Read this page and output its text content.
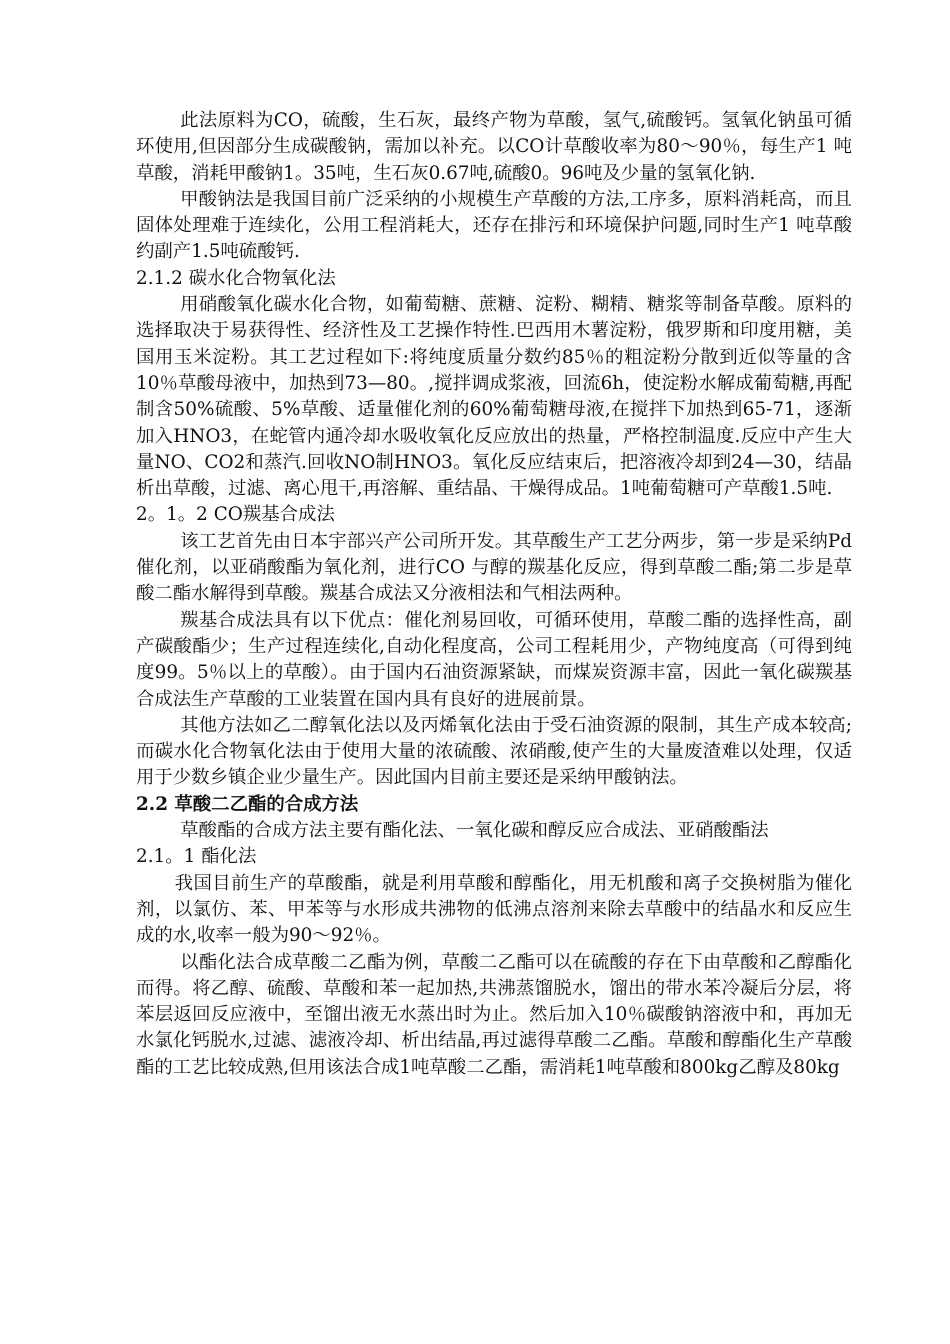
此法原料为CO，硫酸，生石灰，最终产物为草酸，氢气,硫酸钙。氢氧化钠虽可循环使用,但因部分生成碳酸钠，需加以补充。以CO计草酸收率为80～90％，每生产1 吨草酸，消耗甲酸钠1。35吨，生石灰0.67吨,硫酸0。96吨及少量的氢氧化钠.

甲酸钠法是我国目前广泛采纳的小规模生产草酸的方法,工序多，原料消耗高，而且固体处理难于连续化，公用工程消耗大，还存在排污和环境保护问题,同时生产1 吨草酸约副产1.5吨硫酸钙.

2.1.2 碳水化合物氧化法

用硝酸氧化碳水化合物，如葡萄糖、蔗糖、淀粉、糊精、糖浆等制备草酸。原料的选择取决于易获得性、经济性及工艺操作特性.巴西用木薯淀粉，俄罗斯和印度用糖，美国用玉米淀粉。其工艺过程如下:将纯度质量分数约85％的粗淀粉分散到近似等量的含10％草酸母液中，加热到73—80。,搅拌调成浆液，回流6h，使淀粉水解成葡萄糖,再配制含50%硫酸、5%草酸、适量催化剂的60%葡萄糖母液,在搅拌下加热到65-71，逐渐加入HNO3，在蛇管内通冷却水吸收氧化反应放出的热量，严格控制温度.反应中产生大量NO、CO2和蒸汽.回收NO制HNO3。氧化反应结束后，把溶液冷却到24—30，结晶析出草酸，过滤、离心甩干,再溶解、重结晶、干燥得成品。1吨葡萄糖可产草酸1.5吨.

2。1。2 CO羰基合成法

该工艺首先由日本宇部兴产公司所开发。其草酸生产工艺分两步，第一步是采纳Pd催化剂，以亚硝酸酯为氧化剂，进行CO 与醇的羰基化反应，得到草酸二酯;第二步是草酸二酯水解得到草酸。羰基合成法又分液相法和气相法两种。

羰基合成法具有以下优点：催化剂易回收，可循环使用，草酸二酯的选择性高，副产碳酸酯少；生产过程连续化,自动化程度高，公司工程耗用少，产物纯度高（可得到纯度99。5％以上的草酸）。由于国内石油资源紧缺，而煤炭资源丰富，因此一氧化碳羰基合成法生产草酸的工业装置在国内具有良好的进展前景。

其他方法如乙二醇氧化法以及丙烯氧化法由于受石油资源的限制，其生产成本较高;而碳水化合物氧化法由于使用大量的浓硫酸、浓硝酸,使产生的大量废渣难以处理，仅适用于少数乡镇企业少量生产。因此国内目前主要还是采纳甲酸钠法。

2.2 草酸二乙酯的合成方法

草酸酯的合成方法主要有酯化法、一氧化碳和醇反应合成法、亚硝酸酯法

2.1。1 酯化法

我国目前生产的草酸酯，就是利用草酸和醇酯化，用无机酸和离子交换树脂为催化剂，以氯仿、苯、甲苯等与水形成共沸物的低沸点溶剂来除去草酸中的结晶水和反应生成的水,收率一般为90～92％。

以酯化法合成草酸二乙酯为例，草酸二乙酯可以在硫酸的存在下由草酸和乙醇酯化而得。将乙醇、硫酸、草酸和苯一起加热,共沸蒸馏脱水，馏出的带水苯冷凝后分层，将苯层返回反应液中，至馏出液无水蒸出时为止。然后加入10％碳酸钠溶液中和，再加无水氯化钙脱水,过滤、滤液冷却、析出结晶,再过滤得草酸二乙酯。草酸和醇酯化生产草酸酯的工艺比较成熟,但用该法合成1吨草酸二乙酯，需消耗1吨草酸和800kg乙醇及80kg
